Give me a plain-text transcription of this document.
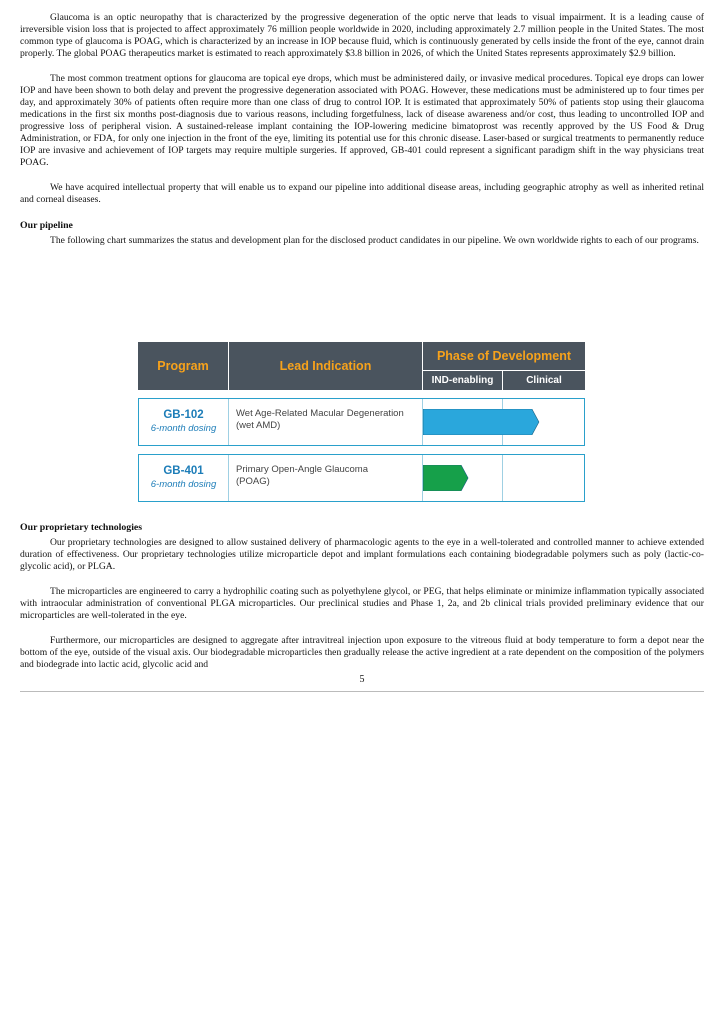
Glaucoma is an optic neuropathy that is characterized by the progressive degeneration of the optic nerve that leads to visual impairment. It is a leading cause of irreversible vision loss that is projected to affect approximately 76 million people worldwide in 2020, including approximately 2.7 million people in the United States. The most common type of glaucoma is POAG, which is characterized by an increase in IOP because fluid, which is continuously generated by cells inside the front of the eye, cannot drain properly. The global POAG therapeutics market is estimated to reach approximately $3.8 billion in 2026, of which the United States represents approximately $2.9 billion.

The most common treatment options for glaucoma are topical eye drops, which must be administered daily, or invasive medical procedures. Topical eye drops can lower IOP and have been shown to both delay and prevent the progressive degeneration associated with POAG. However, these medications must be administered up to four times per day, and approximately 30% of patients often require more than one class of drug to control IOP. It is estimated that approximately 50% of patients stop using their glaucoma medications in the first six months post-diagnosis due to various reasons, including forgetfulness, lack of disease awareness and/or cost, thus leading to uncontrolled IOP and progressive loss of peripheral vision. A sustained-release implant containing the IOP-lowering medicine bimatoprost was recently approved by the US Food & Drug Administration, or FDA, for only one injection in the front of the eye, limiting its potential use for this chronic disease. Laser-based or surgical treatments to permanently reduce IOP are invasive and achievement of IOP targets may require multiple surgeries. If approved, GB-401 could represent a significant paradigm shift in the way physicians treat POAG.

We have acquired intellectual property that will enable us to expand our pipeline into additional disease areas, including geographic atrophy as well as inherited retinal and corneal diseases.

Our pipeline

The following chart summarizes the status and development plan for the disclosed product candidates in our pipeline. We own worldwide rights to each of our programs.

Program	Lead Indication
Phase of Development
IND-enabling	Clinical
GB-102
6-month dosing
Wet Age-Related Macular Degeneration
(wet AMD)
GB-401
6-month dosing
Primary Open-Angle Glaucoma
(POAG)
Our proprietary technologies

Our proprietary technologies are designed to allow sustained delivery of pharmacologic agents to the eye in a well-tolerated and controlled manner to achieve extended duration of effectiveness. Our proprietary technologies utilize microparticle depot and implant formulations each containing biodegradable polymers such as poly (lactic-co-glycolic acid), or PLGA.

The microparticles are engineered to carry a hydrophilic coating such as polyethylene glycol, or PEG, that helps eliminate or minimize inflammation typically associated with intraocular administration of conventional PLGA microparticles. Our preclinical studies and Phase 1, 2a, and 2b clinical trials provided preliminary evidence that our microparticles are well-tolerated in the eye.

Furthermore, our microparticles are designed to aggregate after intravitreal injection upon exposure to the vitreous fluid at body temperature to form a depot near the bottom of the eye, outside of the visual axis. Our biodegradable microparticles then gradually release the active ingredient at a rate dependent on the composition of the polymers and biodegrade into lactic acid, glycolic acid and

5
